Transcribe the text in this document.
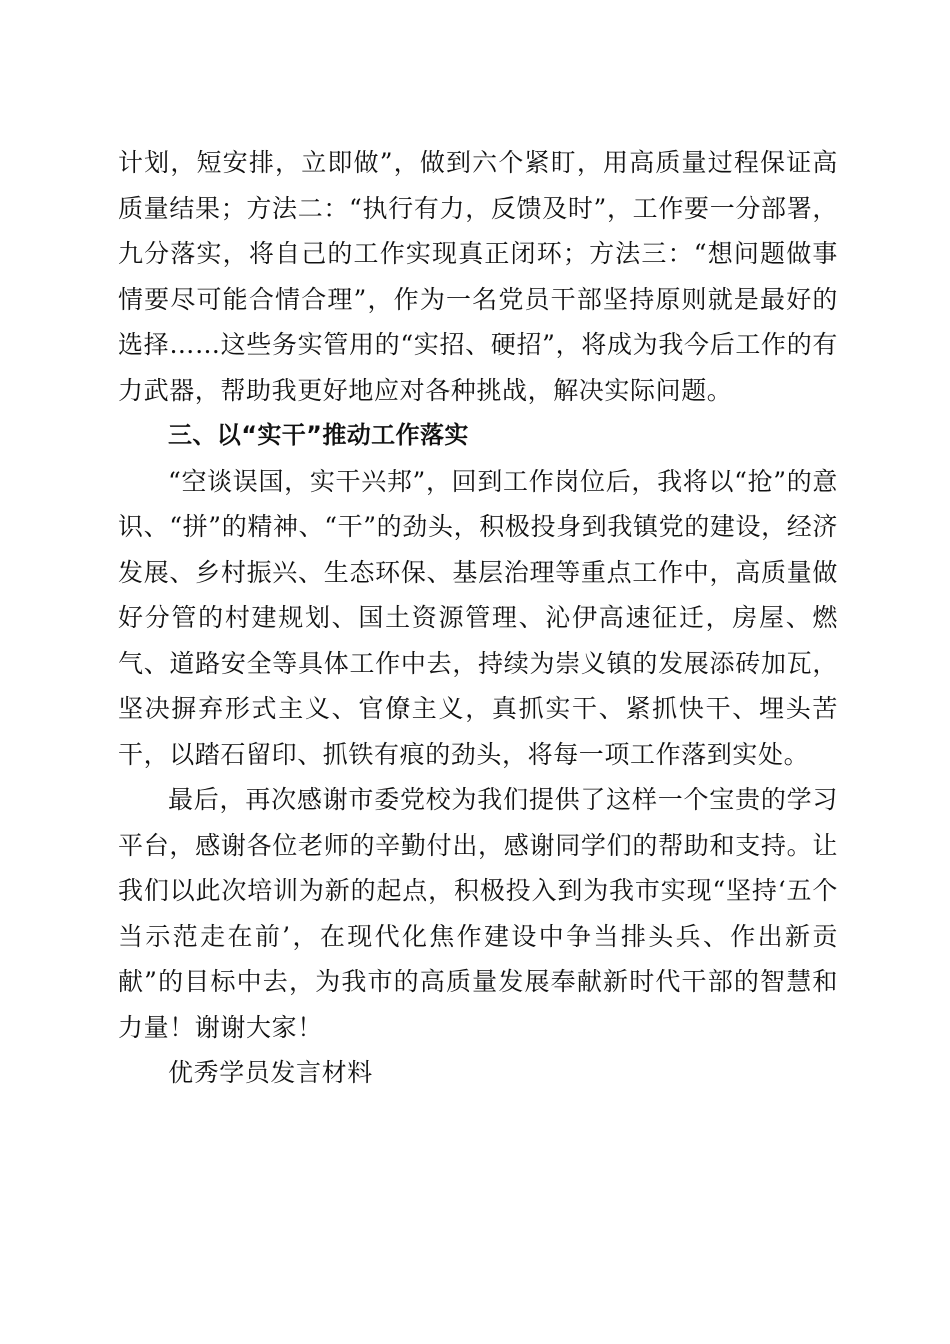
计划，短安排，立即做”，做到六个紧盯，用高质量过程保证高质量结果；方法二：“执行有力，反馈及时”，工作要一分部署，九分落实，将自己的工作实现真正闭环；方法三：“想问题做事情要尽可能合情合理”，作为一名党员干部坚持原则就是最好的选择……这些务实管用的“实招、硬招”，将成为我今后工作的有力武器，帮助我更好地应对各种挑战，解决实际问题。

三、以“实干”推动工作落实

“空谈误国，实干兴邦”，回到工作岗位后，我将以“抢”的意识、“拼”的精神、“干”的劲头，积极投身到我镇党的建设，经济发展、乡村振兴、生态环保、基层治理等重点工作中，高质量做好分管的村建规划、国土资源管理、沁伊高速征迁，房屋、燃气、道路安全等具体工作中去，持续为崇义镇的发展添砖加瓦，坚决摒弃形式主义、官僚主义，真抓实干、紧抓快干、埋头苦干，以踏石留印、抓铁有痕的劲头，将每一项工作落到实处。

最后，再次感谢市委党校为我们提供了这样一个宝贵的学习平台，感谢各位老师的辛勤付出，感谢同学们的帮助和支持。让我们以此次培训为新的起点，积极投入到为我市实现“坚持‘五个当示范走在前’，在现代化焦作建设中争当排头兵、作出新贡献”的目标中去，为我市的高质量发展奉献新时代干部的智慧和力量！谢谢大家！

优秀学员发言材料
